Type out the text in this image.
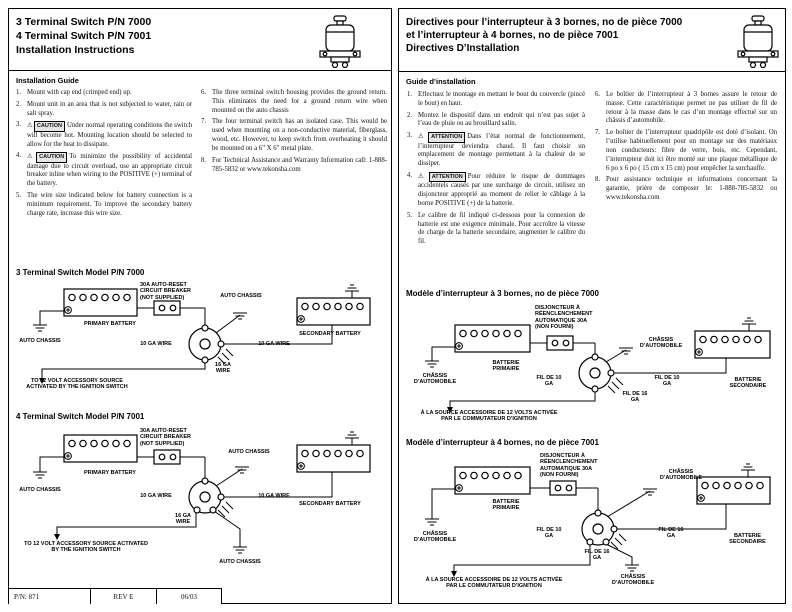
3 Terminal Switch P/N 7000
4 Terminal Switch P/N 7001
Installation Instructions
Installation Guide
1. Mount with cap end (crimped end) up.
2. Mount unit in an area that is not subjected to water, rain or salt spray.
3. ⚠ CAUTION Under normal operating conditions the switch will become hot. Mounting location should be selected to allow for the heat to dissipate.
4. ⚠ CAUTION To minimize the possibility of accidental damage due to circuit overload, use an appropriate circuit breaker inline when wiring to the POSITIVE (+) terminal of the battery.
5. The wire size indicated below for battery connection is a minimum requirement. To improve the secondary battery charge rate, increase this wire size.
6. The three terminal switch housing provides the ground return. This eliminates the need for a ground return wire when mounted on the auto chassis
7. The four terminal switch has an isolated case. This would be used when mounting on a non-conductive material, fiberglass, wood, etc. However, to keep switch from overheating it should be mounted on a 6" X 6" metal plate.
8. For Technical Assistance and Warranty Information call: 1-888-785-5832 or www.tekonsha.com
3 Terminal Switch Model P/N 7000
30A AUTO-RESET CIRCUIT BREAKER (NOT SUPPLIED)	AUTO CHASSIS
AUTO CHASSIS
PRIMARY BATTERY
10 GA WIRE	10 GA WIRE
SECONDARY BATTERY
16 GA WIRE
TO 12 VOLT ACCESSORY SOURCE ACTIVATED BY THE IGNITION SWITCH
4 Terminal Switch Model P/N 7001
30A AUTO-RESET CIRCUIT BREAKER (NOT SUPPLIED)
AUTO CHASSIS
AUTO CHASSIS
PRIMARY BATTERY
10 GA WIRE	10 GA WIRE
SECONDARY BATTERY
16 GA WIRE
TO 12 VOLT ACCESSORY SOURCE ACTIVATED BY THE IGNITION SWITCH
AUTO CHASSIS
P/N: 871	REV E	06/03
Directives pour l’interrupteur à 3 bornes, no de pièce 7000
et l’interrupteur à 4 bornes, no de pièce 7001
Directives D’Installation
Guide d’installation
1. Effectuez le montage en mettant le bout du couvercle (pincé le bout) en haut.
2. Montez le dispositif dans un endroit qui n’est pas sujet à l’eau de pluie ou au brouillard salin.
3. ⚠ ATTENTION Dans l’état normal de fonctionnement, l’interrupteur deviendra chaud. Il faut choisir un emplacement de montage permettant à la chaleur de se dissiper.
4. ⚠ ATTENTION Pour réduire le risque de dommages accidentels causés par une surcharge de circuit, utilisez un disjoncteur approprié au moment de relier le câblage à la borne POSITIVE (+) de la batterie.
5. Le calibre de fil indiqué ci-dessous pour la connexion de batterie est une exigence minimale. Pour accroître la vitesse de charge de la batterie secondaire, augmenter le calibre du fil.
6. Le boîtier de l’interrupteur à 3 bornes assure le retour de masse. Cette caractéristique permet ne pas utiliser de fil de retour à la masse dans le cas d’un montage effectué sur un châssis d’automobile.
7. Le boîtier de l’interrupteur quadripôle est doté d’isolant. On l’utilise habituellement pour un montage sur des matériaux non conducteurs: fibre de verre, bois, etc. Cependant, l’interrupteur doit ici être monté sur une plaque métallique de 6 po x 6 po ( 15 cm x 15 cm) pour empêcher la surchauffe.
8. Pour assistance technique et informations concernant la garantie, prière de composer le: 1-888-785-5832 ou www.tekonsha.com
Modèle d’interrupteur à 3 bornes, no de pièce 7000
DISJONCTEUR À RÉENCLENCHEMENT AUTOMATIQUE 30A (NON FOURNI)
CHÂSSIS D’AUTOMOBILE
CHÂSSIS D’AUTOMOBILE
BATTERIE PRIMAIRE
FIL DE 10 GA
FIL DE 10 GA
BATTERIE SECONDAIRE
FIL DE 16 GA
À LA SOURCE ACCESSOIRE DE 12 VOLTS ACTIVÉE PAR LE COMMUTATEUR D’IGNITION
Modèle d’interrupteur à 4 bornes, no de pièce 7001
DISJONCTEUR À RÉENCLENCHEMENT AUTOMATIQUE 30A (NON FOURNI)
CHÂSSIS D’AUTOMOBILE
CHÂSSIS D’AUTOMOBILE
BATTERIE PRIMAIRE
FIL DE 10 GA
FIL DE 10 GA	BATTERIE SECONDAIRE
FIL DE 16 GA
À LA SOURCE ACCESSOIRE DE 12 VOLTS ACTIVÉE PAR LE COMMUTATEUR D’IGNITION
CHÂSSIS D’AUTOMOBILE
